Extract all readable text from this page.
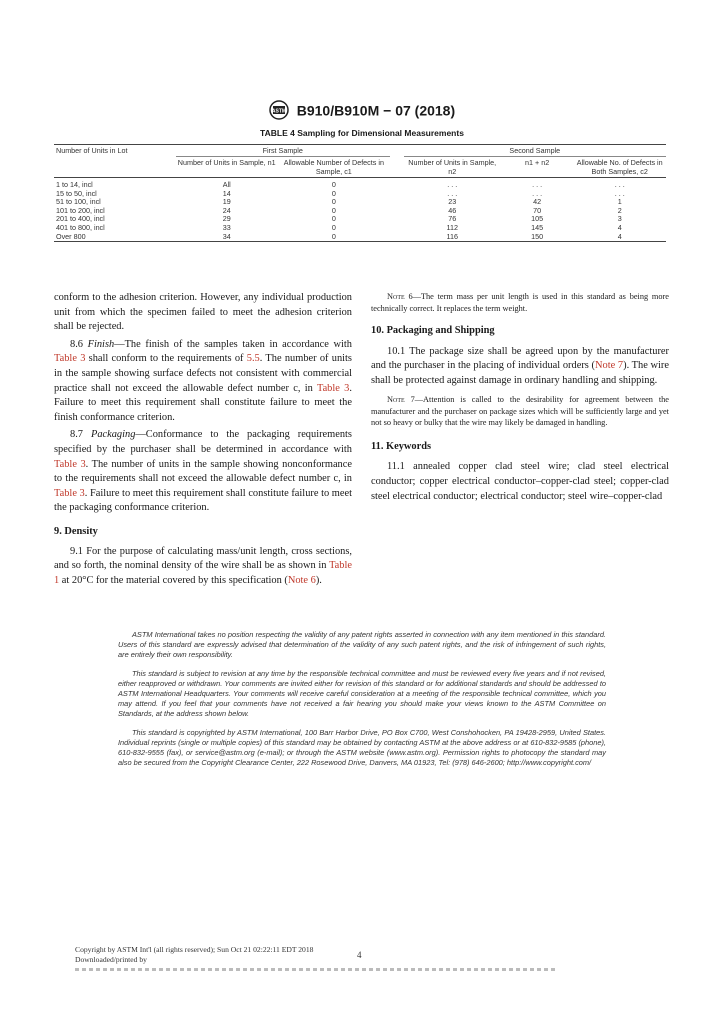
ASTM B910/B910M − 07 (2018)
TABLE 4 Sampling for Dimensional Measurements
Number of Units in Lot	First Sample			Second Sample		
	Number of Units in Sample, n1	Allowable Number of Defects in Sample, c1		Number of Units in Sample, n2	n1 + n2	Allowable No. of Defects in Both Samples, c2
1 to 14, incl	All	0		. . .	. . .	. . .
15 to 50, incl	14	0		. . .	. . .	. . .
51 to 100, incl	19	0		23	42	1
101 to 200, incl	24	0		46	70	2
201 to 400, incl	29	0		76	105	3
401 to 800, incl	33	0		112	145	4
Over 800	34	0		116	150	4

conform to the adhesion criterion. However, any individual production unit from which the specimen failed to meet the adhesion criterion shall be rejected.

8.6 Finish—The finish of the samples taken in accordance with Table 3 shall conform to the requirements of 5.5. The number of units in the sample showing surface defects not consistent with commercial practice shall not exceed the allowable defect number c, in Table 3. Failure to meet this requirement shall constitute failure to meet the finish conformance criterion.

8.7 Packaging—Conformance to the packaging requirements specified by the purchaser shall be determined in accordance with Table 3. The number of units in the sample showing nonconformance to the requirements shall not exceed the allowable defect number c, in Table 3. Failure to meet this requirement shall constitute failure to meet the packaging conformance criterion.

9. Density

9.1 For the purpose of calculating mass/unit length, cross sections, and so forth, the nominal density of the wire shall be as shown in Table 1 at 20°C for the material covered by this specification (Note 6).

Note 6—The term mass per unit length is used in this standard as being more technically correct. It replaces the term weight.

10. Packaging and Shipping

10.1 The package size shall be agreed upon by the manufacturer and the purchaser in the placing of individual orders (Note 7). The wire shall be protected against damage in ordinary handling and shipping.

Note 7—Attention is called to the desirability for agreement between the manufacturer and the purchaser on package sizes which will be sufficiently large and yet not so heavy or bulky that the wire may likely be damaged in handling.

11. Keywords

11.1 annealed copper clad steel wire; clad steel electrical conductor; copper electrical conductor–copper-clad steel; copper-clad steel electrical conductor; electrical conductor; steel wire–copper-clad

ASTM International takes no position respecting the validity of any patent rights asserted in connection with any item mentioned in this standard. Users of this standard are expressly advised that determination of the validity of any such patent rights, and the risk of infringement of such rights, are entirely their own responsibility.

This standard is subject to revision at any time by the responsible technical committee and must be reviewed every five years and if not revised, either reapproved or withdrawn. Your comments are invited either for revision of this standard or for additional standards and should be addressed to ASTM International Headquarters. Your comments will receive careful consideration at a meeting of the responsible technical committee, which you may attend. If you feel that your comments have not received a fair hearing you should make your views known to the ASTM Committee on Standards, at the address shown below.

This standard is copyrighted by ASTM International, 100 Barr Harbor Drive, PO Box C700, West Conshohocken, PA 19428-2959, United States. Individual reprints (single or multiple copies) of this standard may be obtained by contacting ASTM at the above address or at 610-832-9585 (phone), 610-832-9555 (fax), or service@astm.org (e-mail); or through the ASTM website (www.astm.org). Permission rights to photocopy the standard may also be secured from the Copyright Clearance Center, 222 Rosewood Drive, Danvers, MA 01923, Tel: (978) 646-2600; http://www.copyright.com/

Copyright by ASTM Int'l (all rights reserved); Sun Oct 21 02:22:11 EDT 2018
Downloaded/printed by	4
